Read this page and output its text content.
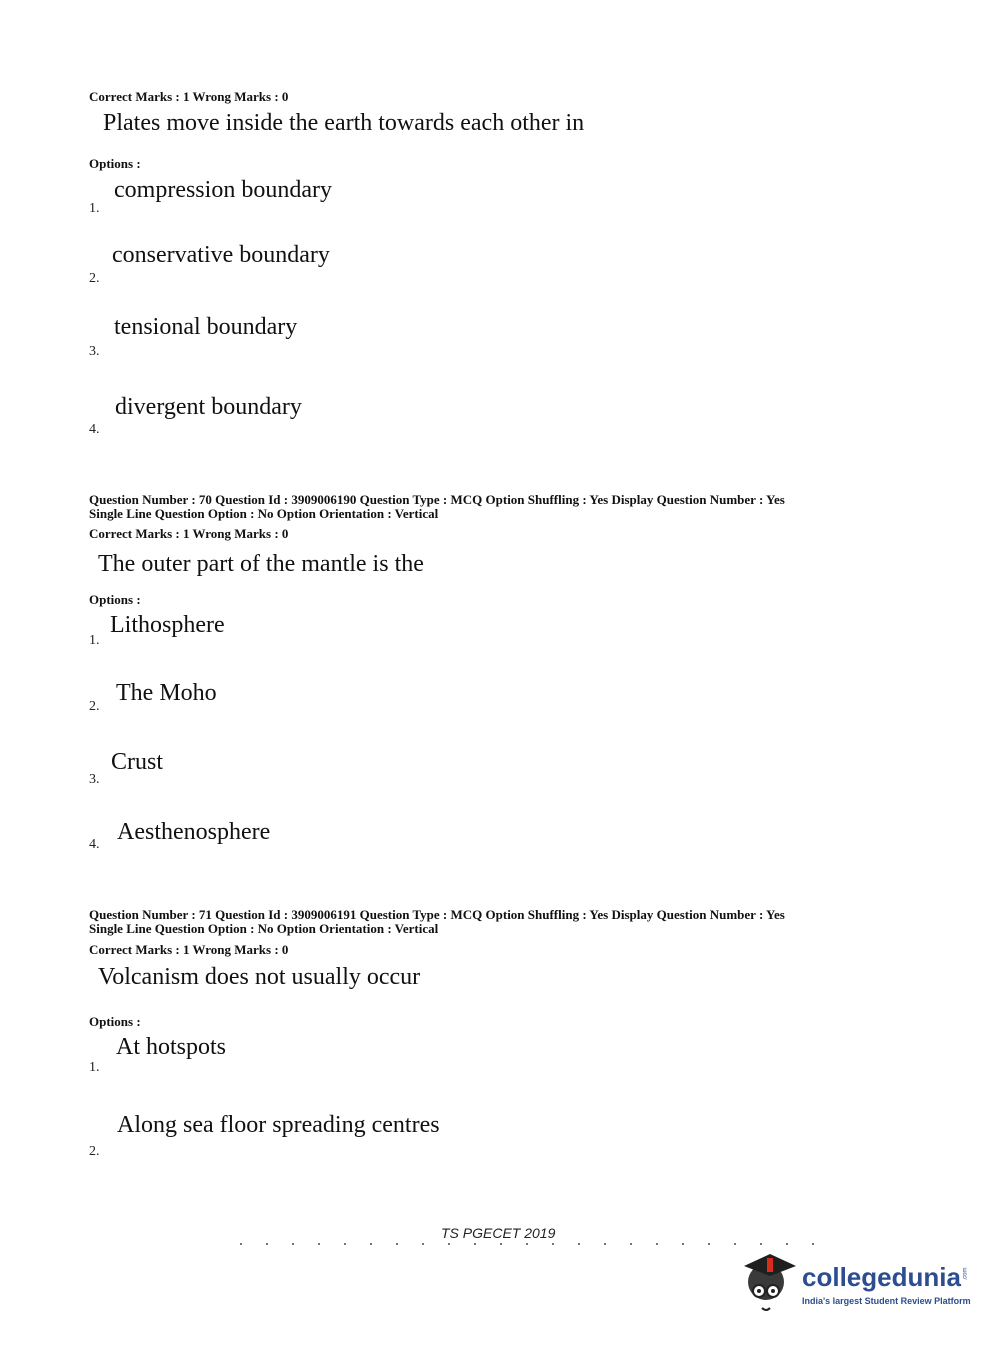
Correct Marks : 1 Wrong Marks : 0
Plates move inside the earth towards each other in
Options :
compression boundary
1.
conservative boundary
2.
tensional boundary
3.
divergent boundary
4.
Question Number : 70 Question Id : 3909006190 Question Type : MCQ Option Shuffling : Yes Display Question Number : Yes
Single Line Question Option : No Option Orientation : Vertical
Correct Marks : 1 Wrong Marks : 0
The outer part of the mantle is the
Options :
Lithosphere
1.
The Moho
2.
Crust
3.
Aesthenosphere
4.
Question Number : 71 Question Id : 3909006191 Question Type : MCQ Option Shuffling : Yes Display Question Number : Yes
Single Line Question Option : No Option Orientation : Vertical
Correct Marks : 1 Wrong Marks : 0
Volcanism does not usually occur
Options :
At hotspots
1.
Along sea floor spreading centres
2.
TS PGECET 2019
collegedunia .com
India's largest Student Review Platform
